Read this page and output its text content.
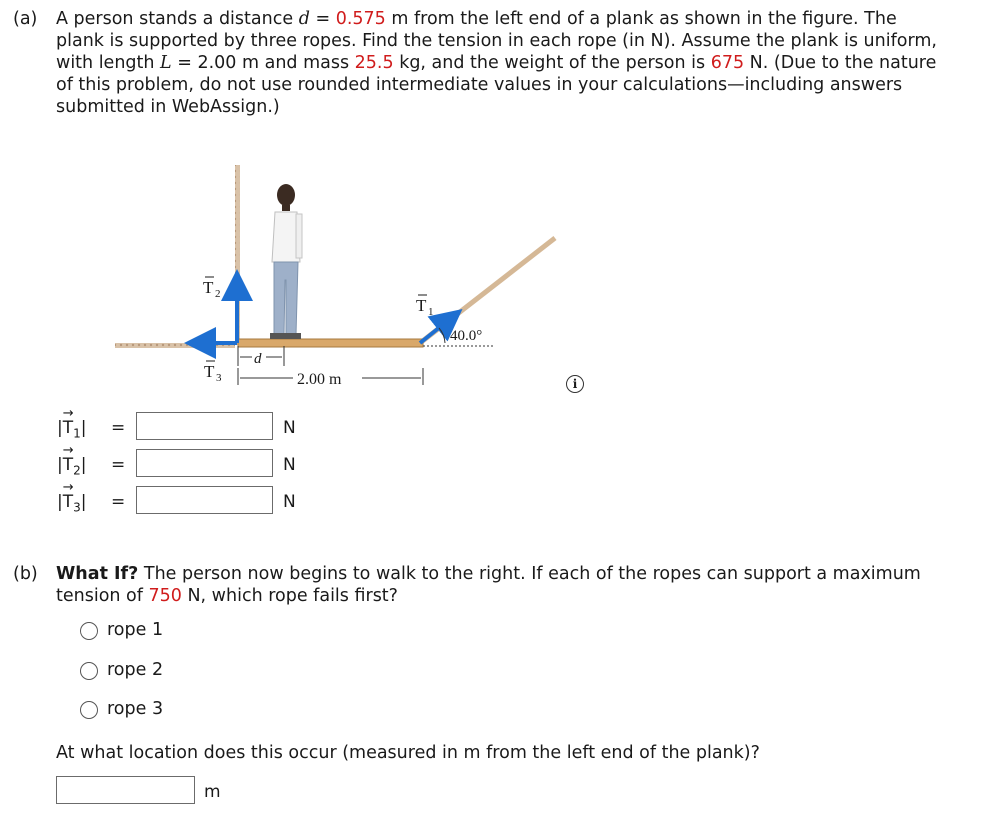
(a) A person stands a distance d = 0.575 m from the left end of a plank as shown in the figure. The
plank is supported by three ropes. Find the tension in each rope (in N). Assume the plank is uniform,
with length L = 2.00 m and mass 25.5 kg, and the weight of the person is 675 N. (Due to the nature
of this problem, do not use rounded intermediate values in your calculations—including answers
submitted in WebAssign.)
T 2
T 1
T 3
40.0°
d
2.00 m	i
|
→
$T_1|$ =	N
|
→
$T_2|$ =	N
|
→
$T_3|$ =	N
(b) What If? The person now begins to walk to the right. If each of the ropes can support a maximum
tension of 750 N, which rope fails first?
rope 1
rope 2
rope 3
At what location does this occur (measured in m from the left end of the plank)?
m
